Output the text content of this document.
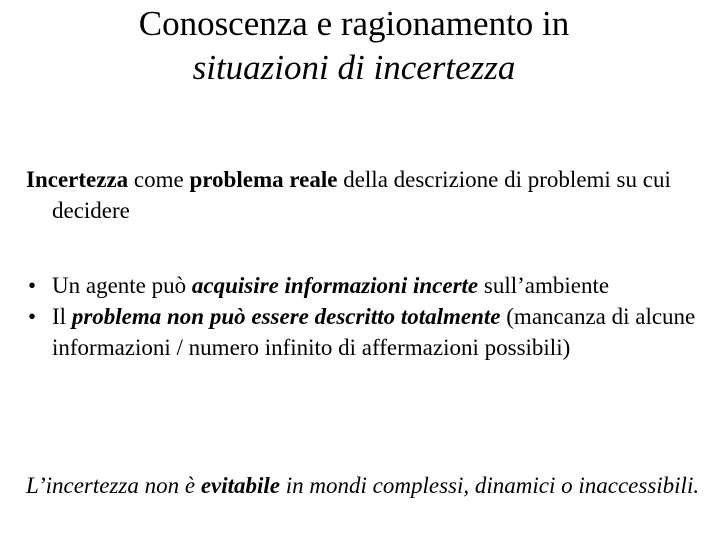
Conoscenza e ragionamento in
situazioni di incertezza

Incertezza come problema reale della descrizione di problemi su cui decidere

• Un agente può acquisire informazioni incerte sull’ambiente
• Il problema non può essere descritto totalmente (mancanza di alcune informazioni / numero infinito di affermazioni possibili)

L’incertezza non è evitabile in mondi complessi, dinamici o inaccessibili.
